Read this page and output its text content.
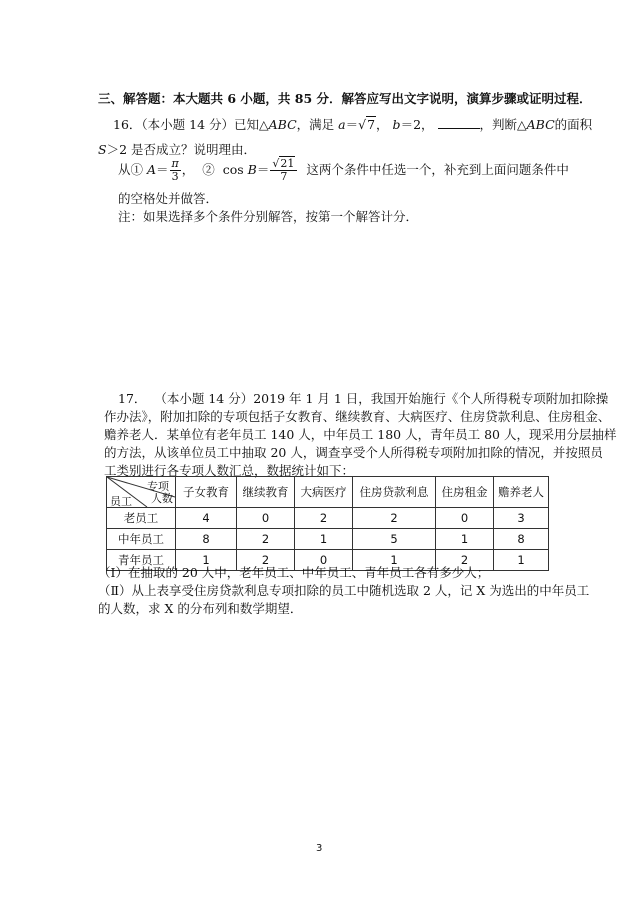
三、解答题：本大题共 6 小题，共 85 分．解答应写出文字说明，演算步骤或证明过程．
16．（本小题 14 分）已知△ABC，满足 a＝√7， b＝2，	，判断△ABC的面积
S＞2 是否成立？说明理由．
从① $A= \frac{\pi}{3}$ ， ② $\cos B= \frac{√21}{7}$ 这两个条件中任选一个，补充到上面问题条件中
的空格处并做答．
注：如果选择多个条件分别解答，按第一个解答计分．
17． （本小题 14 分）2019 年 1 月 1 日，我国开始施行《个人所得税专项附加扣除操
作办法》，附加扣除的专项包括子女教育、继续教育、大病医疗、住房贷款利息、住房租金、
赡养老人．某单位有老年员工 140 人，中年员工 180 人，青年员工 80 人，现采用分层抽样
的方法，从该单位员工中抽取 20 人，调查享受个人所得税专项附加扣除的情况，并按照员
工类别进行各专项人数汇总，数据统计如下：
专项
人数
员工	子女教育	继续教育	大病医疗	住房贷款利息	住房租金	赡养老人
老员工	4	0	2	2	0	3
中年员工	8	2	1	5	1	8
青年员工	1	2	0	1	2	1
（Ⅰ）在抽取的 20 人中，老年员工、中年员工、青年员工各有多少人；
（Ⅱ）从上表享受住房贷款利息专项扣除的员工中随机选取 2 人，记 X 为选出的中年员工
的人数，求 X 的分布列和数学期望．
3
